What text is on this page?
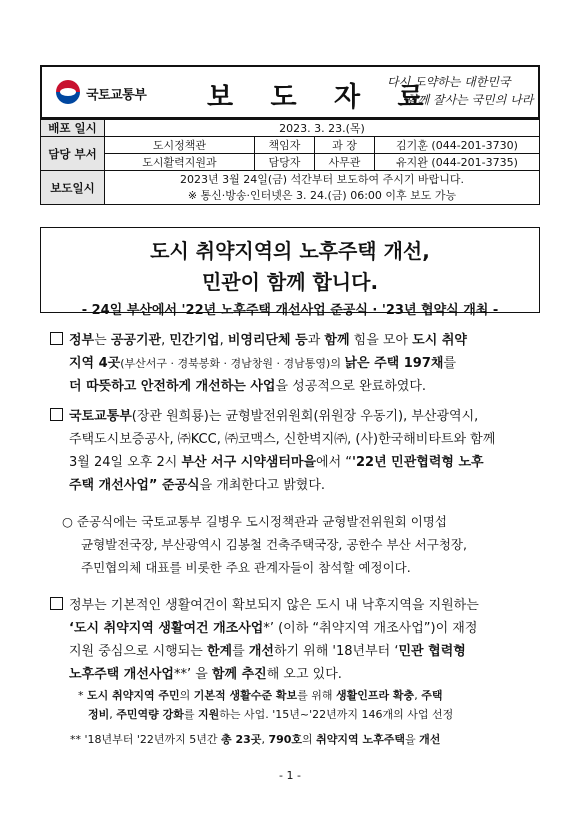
국토교통부 보 도 자 료
다시 도약하는 대한민국
함께 잘사는 국민의 나라
배포 일시	2023. 3. 23.(목)			
담당 부서	도시정책관	책임자	과 장	김기훈 (044-201-3730)
	도시활력지원과	담당자	사무관	유지완 (044-201-3735)
보도일시	2023년 3월 24일(금) 석간부터 보도하여 주시기 바랍니다.
※ 통신·방송·인터넷은 3. 24.(금) 06:00 이후 보도 가능			
도시 취약지역의 노후주택 개선,
민관이 함께 합니다.
- 24일 부산에서 '22년 노후주택 개선사업 준공식 · '23년 협약식 개최 -
정부는 공공기관, 민간기업, 비영리단체 등과 함께 힘을 모아 도시 취약
지역 4곳(부산서구 · 경북봉화 · 경남창원 · 경남통영)의 낡은 주택 197채를
더 따뜻하고 안전하게 개선하는 사업을 성공적으로 완료하였다.
국토교통부(장관 원희룡)는 균형발전위원회(위원장 우동기), 부산광역시,
주택도시보증공사, ㈜KCC, ㈜코맥스, 신한벽지㈜, (사)한국해비타트와 함께
3월 24일 오후 2시 부산 서구 시약샘터마을에서 “'22년 민관협력형 노후
주택 개선사업” 준공식을 개최한다고 밝혔다.
○ 준공식에는 국토교통부 길병우 도시정책관과 균형발전위원회 이명섭
균형발전국장, 부산광역시 김봉철 건축주택국장, 공한수 부산 서구청장,
주민협의체 대표를 비롯한 주요 관계자들이 참석할 예정이다.
정부는 기본적인 생활여건이 확보되지 않은 도시 내 낙후지역을 지원하는
‘도시 취약지역 생활여건 개조사업*’ (이하 “취약지역 개조사업”)이 재정
지원 중심으로 시행되는 한계를 개선하기 위해 '18년부터 ‘민관 협력형
노후주택 개선사업**’ 을 함께 추진해 오고 있다.
* 도시 취약지역 주민의 기본적 생활수준 확보를 위해 생활인프라 확충, 주택
정비, 주민역량 강화를 지원하는 사업. '15년~'22년까지 146개의 사업 선정
** '18년부터 '22년까지 5년간 총 23곳, 790호의 취약지역 노후주택을 개선
- 1 -
